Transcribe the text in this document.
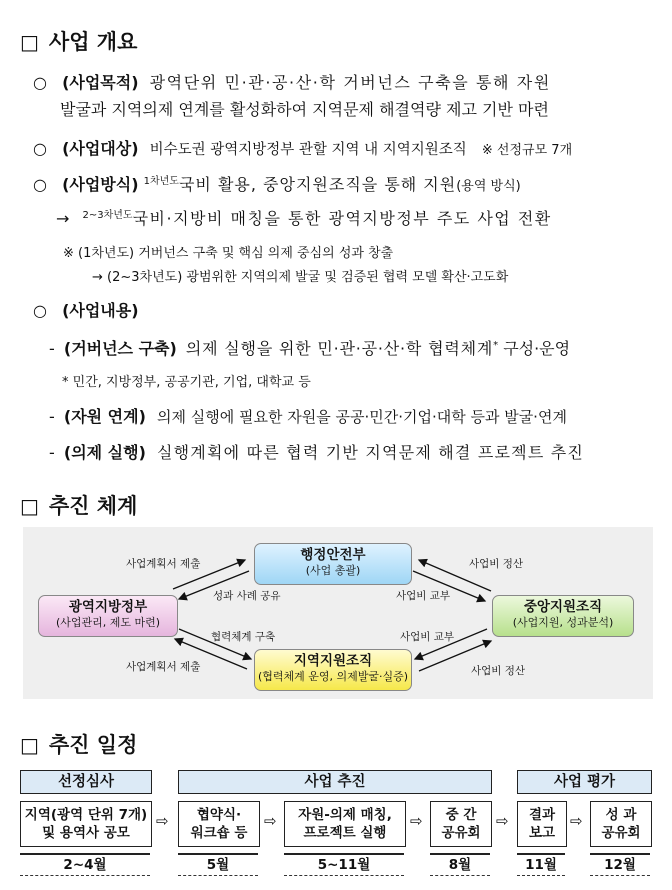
□ 사업 개요
○ (사업목적) 광역단위 민·관·공·산·학 거버넌스 구축을 통해 자원
발굴과 지역의제 연계를 활성화하여 지역문제 해결역량 제고 기반 마련
○ (사업대상) 비수도권 광역지방정부 관할 지역 내 지역지원조직 ※ 선정규모 7개
○ (사업방식) $^{1차년도}$국비 활용, 중앙지원조직을 통해 지원(용역 방식)
→ $^{2\sim 3차년도}$국비·지방비 매칭을 통한 광역지방정부 주도 사업 전환
※ (1차년도) 거버넌스 구축 및 핵심 의제 중심의 성과 창출
→ (2~3차년도) 광범위한 지역의제 발굴 및 검증된 협력 모델 확산·고도화
○ (사업내용)
- (거버넌스 구축) 의제 실행을 위한 민·관·공·산·학 협력체계* 구성·운영
* 민간, 지방정부, 공공기관, 기업, 대학교 등
- (자원 연계) 의제 실행에 필요한 자원을 공공·민간·기업·대학 등과 발굴·연계
- (의제 실행) 실행계획에 따른 협력 기반 지역문제 해결 프로젝트 추진
□ 추진 체계
행정안전부
(사업 총괄)
광역지방정부
(사업관리, 제도 마련)
중앙지원조직
(사업지원, 성과분석)
지역지원조직
(협력체계 운영, 의제발굴·실증)
사업계획서 제출
성과 사례 공유
사업비 정산
사업비 교부
협력체계 구축	사업비 교부
사업계획서 제출	사업비 정산
□ 추진 일정
선정심사	사업 추진	사업 평가
지역(광역 단위 7개)
및 용역사 공모
⇨	협약식·
워크숍 등
⇨	자원-의제 매칭,
프로젝트 실행
⇨	중 간
공유회
⇨	결과
보고
⇨	성 과
공유회
2~4월	5월	5~11월	8월	11월	12월
